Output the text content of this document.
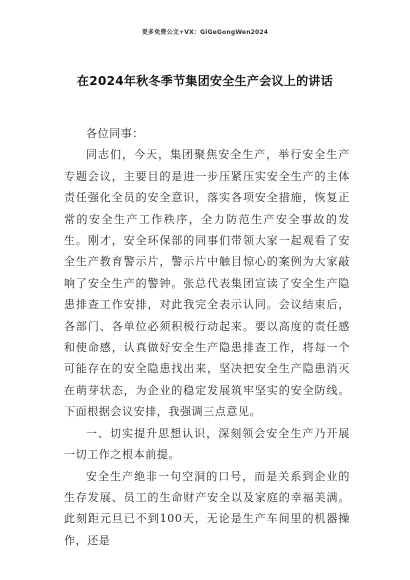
更多免费公文+VX：GiGeGongWen2024
在2024年秋冬季节集团安全生产会议上的讲话

各位同事：

同志们，今天，集团聚焦安全生产，举行安全生产专题会议，主要目的是进一步压紧压实安全生产的主体责任强化全员的安全意识，落实各项安全措施，恢复正常的安全生产工作秩序，全力防范生产安全事故的发生。刚才，安全环保部的同事们带领大家一起观看了安全生产教育警示片，警示片中触目惊心的案例为大家敲响了安全生产的警钟。张总代表集团宣读了安全生产隐患排查工作安排，对此我完全表示认同。会议结束后，各部门、各单位必须积极行动起来。要以高度的责任感和使命感，认真做好安全生产隐患排查工作，将每一个可能存在的安全隐患找出来，坚决把安全生产隐患消灭在萌芽状态，为企业的稳定发展筑牢坚实的安全防线。下面根据会议安排，我强调三点意见。

一、切实提升思想认识，深刻领会安全生产乃开展一切工作之根本前提。

安全生产绝非一句空洞的口号，而是关系到企业的生存发展、员工的生命财产安全以及家庭的幸福美满。此刻距元旦已不到100天，无论是生产车间里的机器操作，还是
